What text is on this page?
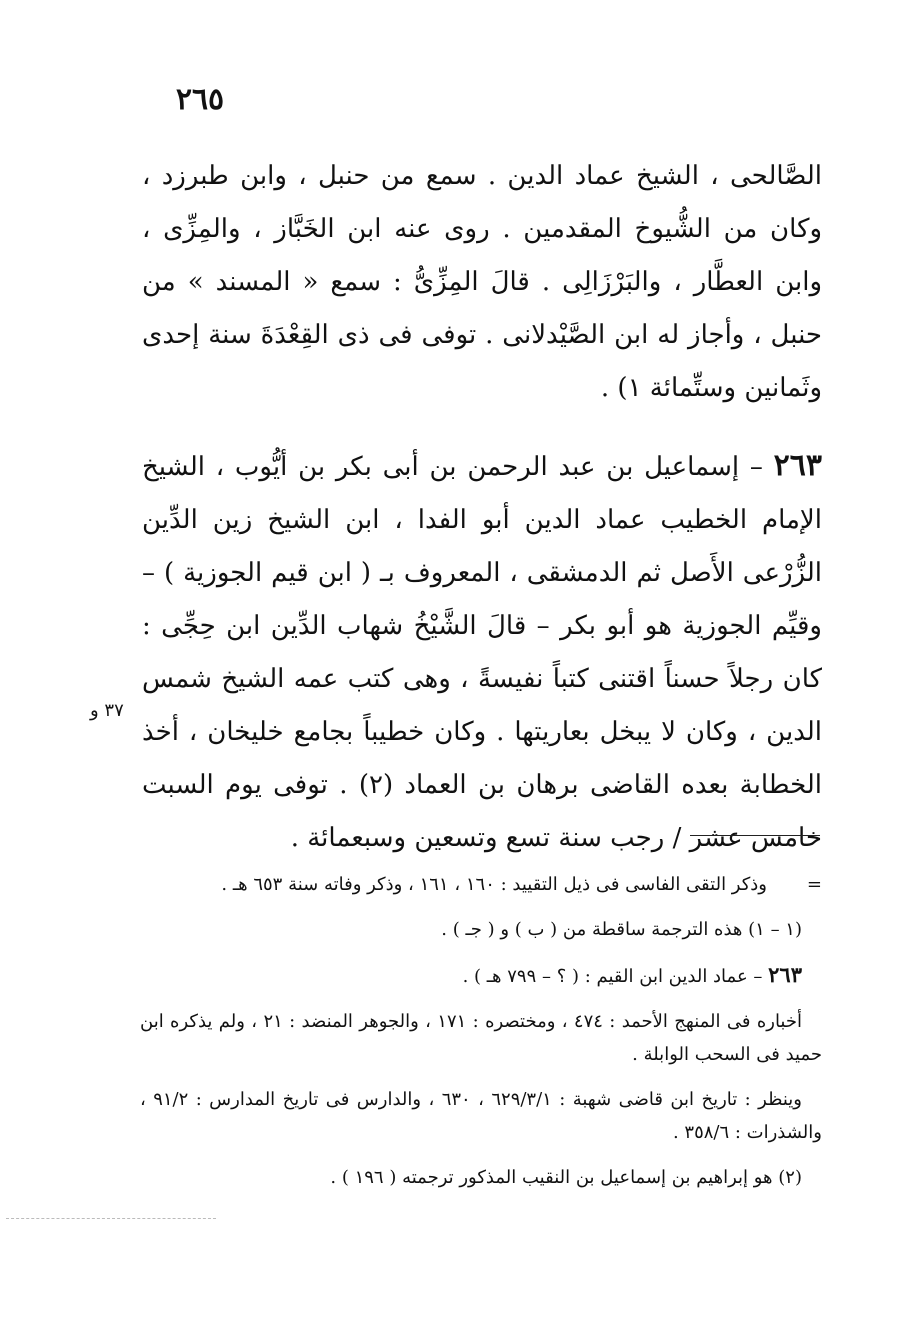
٢٦٥

الصَّالحى ، الشيخ عماد الدين . سمع من حنبل ، وابن طبرزد ، وكان من الشُّيوخ المقدمين . روى عنه ابن الخَبَّاز ، والمِزِّى ، وابن العطَّار ، والبَرْزَالِى . قالَ المِزِّىُّ : سمع « المسند » من حنبل ، وأجاز له ابن الصَّيْدلانى . توفى فى ذى القِعْدَةَ سنة إحدى وثَمانين وستِّمائة ١) .

٢٦٣ – إسماعيل بن عبد الرحمن بن أبى بكر بن أيُّوب ، الشيخ الإمام الخطيب عماد الدين أبو الفدا ، ابن الشيخ زين الدِّين الزُّرْعى الأَصل ثم الدمشقى ، المعروف بـ ( ابن قيم الجوزية ) – وقيِّم الجوزية هو أبو بكر – قالَ الشَّيْخُ شهاب الدِّين ابن حِجِّى : كان رجلاً حسناً اقتنى كتباً نفيسةً ، وهى كتب عمه الشيخ شمس الدين ، وكان لا يبخل بعاريتها . وكان خطيباً بجامع خليخان ، أخذ الخطابة بعده القاضى برهان بن العماد (٢) . توفى يوم السبت خامس عشر / رجب سنة تسع وتسعين وسبعمائة .

٣٧ و

=
وذكر التقى الفاسى فى ذيل التقييد : ١٦٠ ، ١٦١ ، وذكر وفاته سنة ٦٥٣ هـ .

(١ – ١) هذه الترجمة ساقطة من ( ب ) و ( جـ ) .

٢٦٣ – عماد الدين ابن القيم : ( ؟ – ٧٩٩ هـ ) .

أخباره فى المنهج الأحمد : ٤٧٤ ، ومختصره : ١٧١ ، والجوهر المنضد : ٢١ ، ولم يذكره ابن حميد فى السحب الوابلة .

وينظر : تاريخ ابن قاضى شهبة : ٦٢٩/٣/١ ، ٦٣٠ ، والدارس فى تاريخ المدارس : ٩١/٢ ، والشذرات : ٣٥٨/٦ .

(٢) هو إبراهيم بن إسماعيل بن النقيب المذكور ترجمته ( ١٩٦ ) .
